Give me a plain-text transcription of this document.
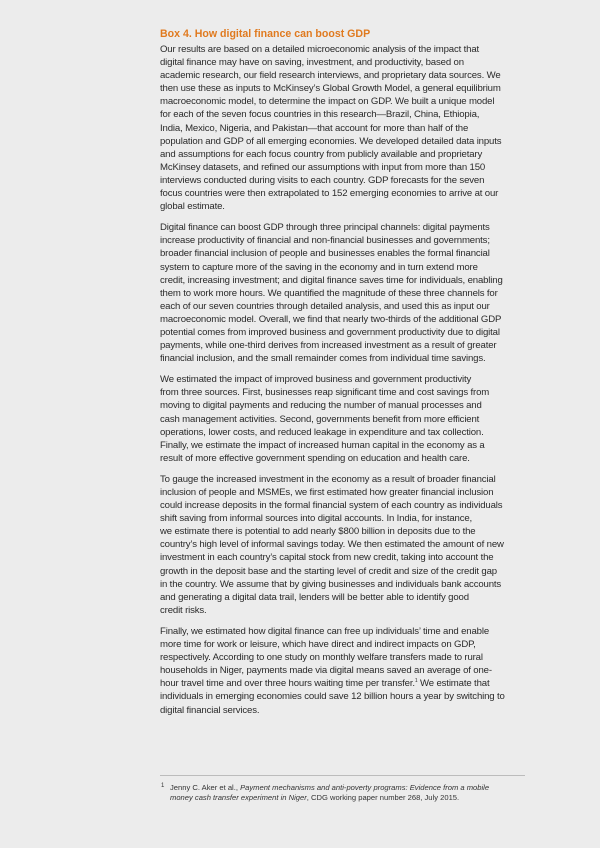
Box 4. How digital finance can boost GDP

Our results are based on a detailed microeconomic analysis of the impact that
digital finance may have on saving, investment, and productivity, based on
academic research, our field research interviews, and proprietary data sources. We
then use these as inputs to McKinsey’s Global Growth Model, a general equilibrium
macroeconomic model, to determine the impact on GDP. We built a unique model
for each of the seven focus countries in this research—Brazil, China, Ethiopia,
India, Mexico, Nigeria, and Pakistan—that account for more than half of the
population and GDP of all emerging economies. We developed detailed data inputs
and assumptions for each focus country from publicly available and proprietary
McKinsey datasets, and refined our assumptions with input from more than 150
interviews conducted during visits to each country. GDP forecasts for the seven
focus countries were then extrapolated to 152 emerging economies to arrive at our
global estimate.

Digital finance can boost GDP through three principal channels: digital payments
increase productivity of financial and non-financial businesses and governments;
broader financial inclusion of people and businesses enables the formal financial
system to capture more of the saving in the economy and in turn extend more
credit, increasing investment; and digital finance saves time for individuals, enabling
them to work more hours. We quantified the magnitude of these three channels for
each of our seven countries through detailed analysis, and used this as input our
macroeconomic model. Overall, we find that nearly two-thirds of the additional GDP
potential comes from improved business and government productivity due to digital
payments, while one-third derives from increased investment as a result of greater
financial inclusion, and the small remainder comes from individual time savings.

We estimated the impact of improved business and government productivity
from three sources. First, businesses reap significant time and cost savings from
moving to digital payments and reducing the number of manual processes and
cash management activities. Second, governments benefit from more efficient
operations, lower costs, and reduced leakage in expenditure and tax collection.
Finally, we estimate the impact of increased human capital in the economy as a
result of more effective government spending on education and health care.

To gauge the increased investment in the economy as a result of broader financial
inclusion of people and MSMEs, we first estimated how greater financial inclusion
could increase deposits in the formal financial system of each country as individuals
shift saving from informal sources into digital accounts. In India, for instance,
we estimate there is potential to add nearly $800 billion in deposits due to the
country’s high level of informal savings today. We then estimated the amount of new
investment in each country’s capital stock from new credit, taking into account the
growth in the deposit base and the starting level of credit and size of the credit gap
in the country. We assume that by giving businesses and individuals bank accounts
and generating a digital data trail, lenders will be better able to identify good
credit risks.

Finally, we estimated how digital finance can free up individuals’ time and enable
more time for work or leisure, which have direct and indirect impacts on GDP,
respectively. According to one study on monthly welfare transfers made to rural
households in Niger, payments made via digital means saved an average of one-
hour travel time and over three hours waiting time per transfer.$^1$ We estimate that
individuals in emerging economies could save 12 billion hours a year by switching to
digital financial services.

1 Jenny C. Aker et al., Payment mechanisms and anti-poverty programs: Evidence from a mobile
money cash transfer experiment in Niger, CDG working paper number 268, July 2015.
